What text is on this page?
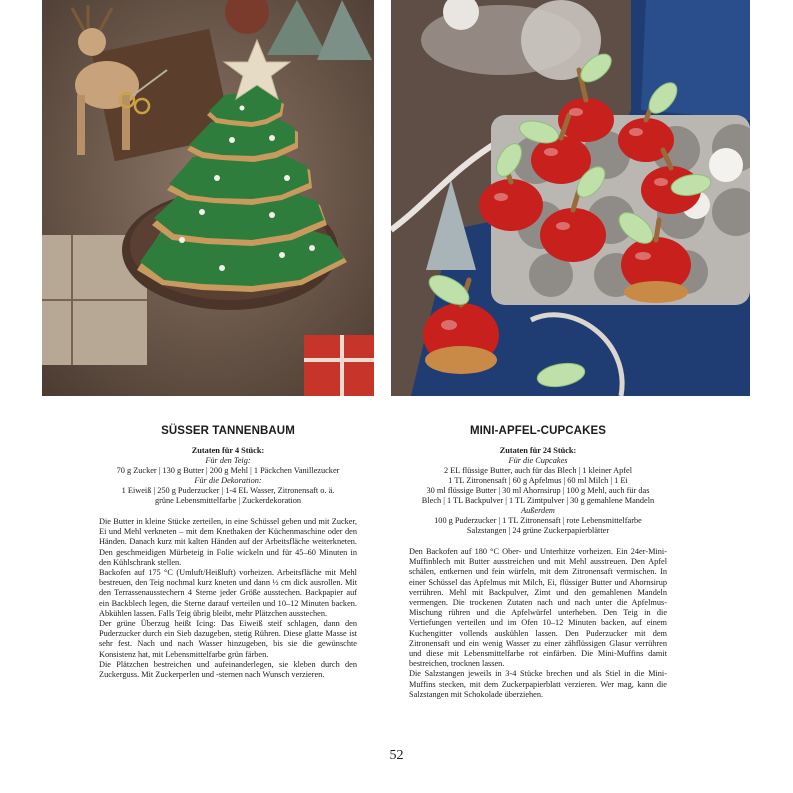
SÜSSER TANNENBAUM
Zutaten für 4 Stück:
Für den Teig:
70 g Zucker | 130 g Butter | 200 g Mehl | 1 Päckchen Vanillezucker
Für die Dekoration:
1 Eiweiß | 250 g Puderzucker | 1-4 EL Wasser, Zitronensaft o. ä.
grüne Lebensmittelfarbe | Zuckerdekoration

Die Butter in kleine Stücke zerteilen, in eine Schüssel geben und mit Zucker, Ei und Mehl verkneten – mit dem Knethaken der Küchenmaschine oder den Händen. Danach kurz mit kalten Händen auf der Arbeitsfläche weiterkneten. Den geschmeidigen Mürbeteig in Folie wickeln und für 45–60 Minuten in den Kühlschrank stellen.

Backofen auf 175 °C (Umluft/Heißluft) vorheizen. Arbeitsfläche mit Mehl bestreuen, den Teig nochmal kurz kneten und dann ½ cm dick ausrollen. Mit den Terrassenausstechern 4 Sterne jeder Größe ausstechen. Backpapier auf ein Backblech legen, die Sterne darauf verteilen und 10–12 Minuten backen. Abkühlen lassen. Falls Teig übrig bleibt, mehr Plätzchen ausstechen.

Der grüne Überzug heißt Icing: Das Eiweiß steif schlagen, dann den Puderzucker durch ein Sieb dazugeben, stetig Rühren. Diese glatte Masse ist sehr fest. Nach und nach Wasser hinzugeben, bis sie die gewünschte Konsistenz hat, mit Lebensmittelfarbe grün färben.

Die Plätzchen bestreichen und aufeinanderlegen, sie kleben durch den Zuckerguss. Mit Zuckerperlen und -sternen nach Wunsch verzieren.

MINI-APFEL-CUPCAKES
Zutaten für 24 Stück:
Für die Cupcakes
2 EL flüssige Butter, auch für das Blech | 1 kleiner Apfel
1 TL Zitronensaft | 60 g Apfelmus | 60 ml Milch | 1 Ei
30 ml flüssige Butter | 30 ml Ahornsirup | 100 g Mehl, auch für das
Blech | 1 TL Backpulver | 1 TL Zimtpulver | 30 g gemahlene Mandeln
Außerdem
100 g Puderzucker | 1 TL Zitronensaft | rote Lebensmittelfarbe
Salzstangen | 24 grüne Zuckerpapierblätter

Den Backofen auf 180 °C Ober- und Unterhitze vorheizen. Ein 24er-Mini-Muffinblech mit Butter ausstreichen und mit Mehl ausstreuen. Den Apfel schälen, entkernen und fein würfeln, mit dem Zitronensaft vermischen. In einer Schüssel das Apfelmus mit Milch, Ei, flüssiger Butter und Ahornsirup verrühren. Mehl mit Backpulver, Zimt und den gemahlenen Mandeln vermengen. Die trockenen Zutaten nach und nach unter die Apfelmus-Mischung rühren und die Apfelwürfel unterheben. Den Teig in die Vertiefungen verteilen und im Ofen 10–12 Minuten backen, auf einem Kuchengitter vollends auskühlen lassen. Den Puderzucker mit dem Zitronensaft und ein wenig Wasser zu einer zähflüssigen Glasur verrühren und diese mit Lebensmittelfarbe rot einfärben. Die Mini-Muffins damit bestreichen, trocknen lassen.

Die Salzstangen jeweils in 3-4 Stücke brechen und als Stiel in die Mini-Muffins stecken, mit dem Zuckerpapierblatt verzieren. Wer mag, kann die Salzstangen mit Schokolade überziehen.

52
